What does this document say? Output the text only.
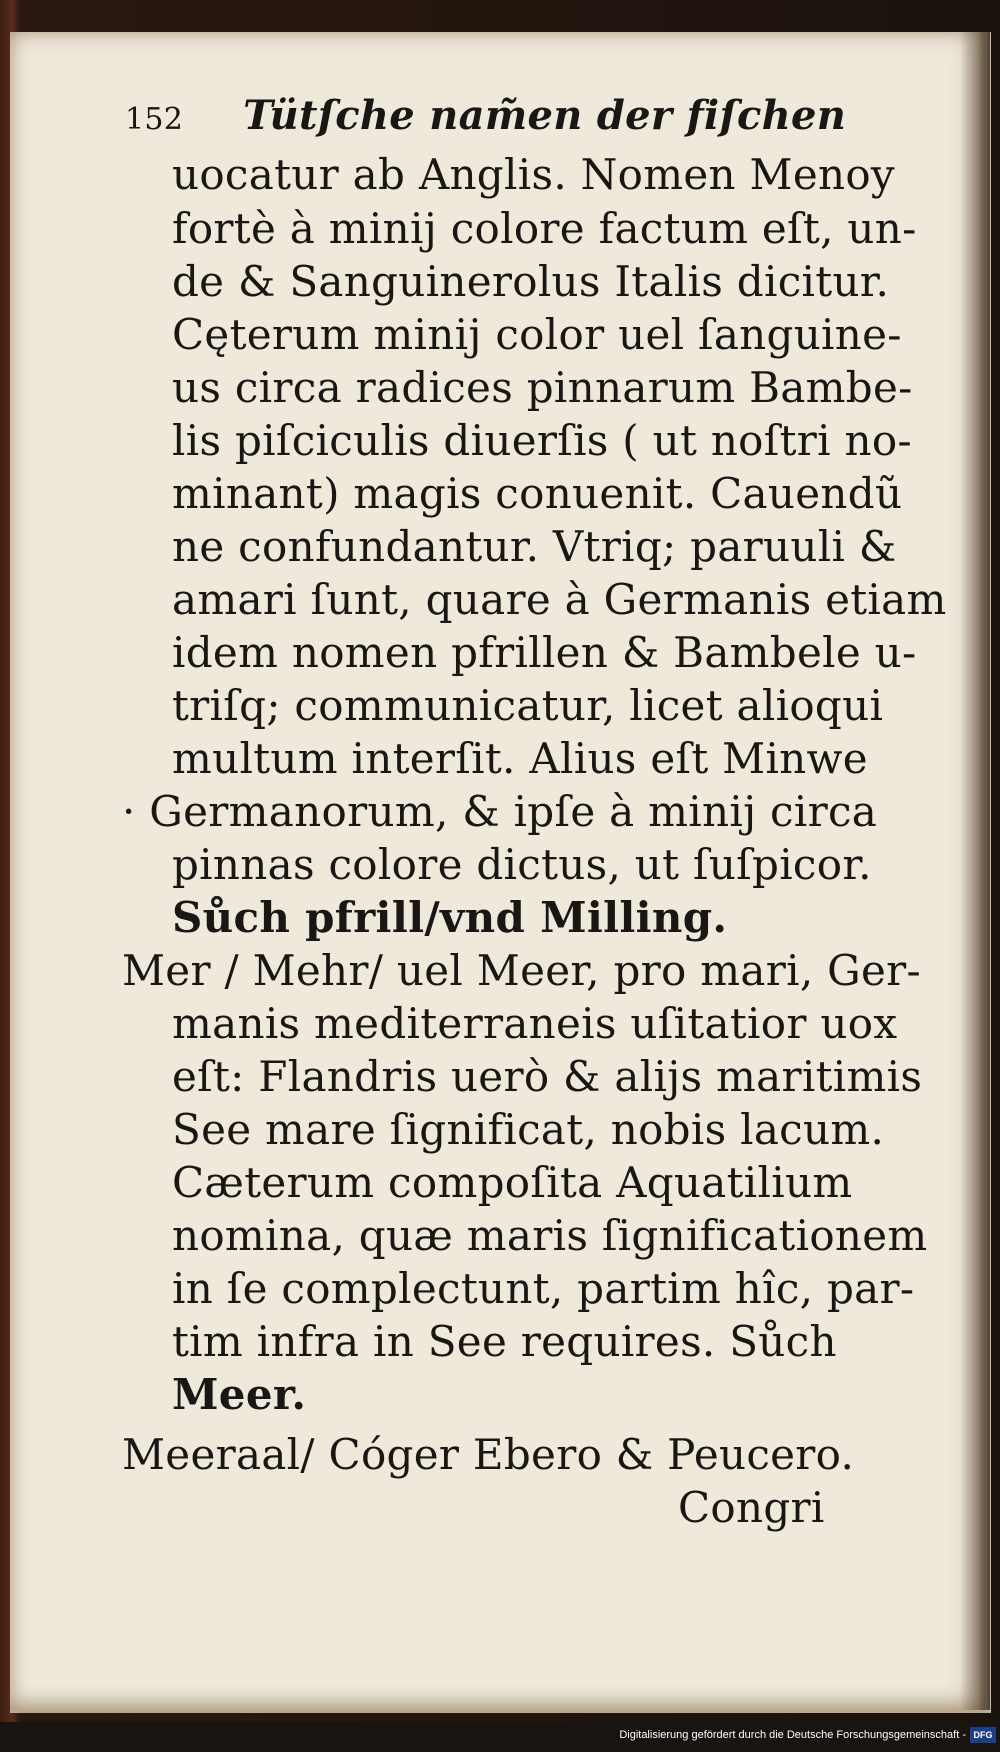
152 Tütſche nam̃en der fiſchen
uocatur ab Anglis. Nomen Menoy
fortè à minij colore factum eſt, un-
de & Sanguinerolus Italis dicitur.
Cęterum minij color uel ſanguine-
us circa radices pinnarum Bambe-
lis piſciculis diuerſis ( ut noſtri no-
minant) magis conuenit. Cauendũ
ne confundantur. Vtriq; paruuli &
amari ſunt, quare à Germanis etiam
idem nomen pfrillen & Bambele u-
triſq; communicatur, licet alioqui
multum interſit. Alius eſt Minwe
· Germanorum, & ipſe à minij circa
pinnas colore dictus, ut ſuſpicor.
Sůch pfrill/vnd Milling.
Mer / Mehr/ uel Meer, pro mari, Ger-
manis mediterraneis uſitatior uox
eſt: Flandris uerò & alijs maritimis
See mare ſignificat, nobis lacum.
Cæterum compoſita Aquatilium
nomina, quæ maris ſignificationem
in ſe complectunt, partim hîc, par-
tim infra in See requires. Sůch
Meer.
Meeraal/ Cóger Ebero & Peucero.
Congri
Digitalisierung gefördert durch die Deutsche Forschungsgemeinschaft - DFG
